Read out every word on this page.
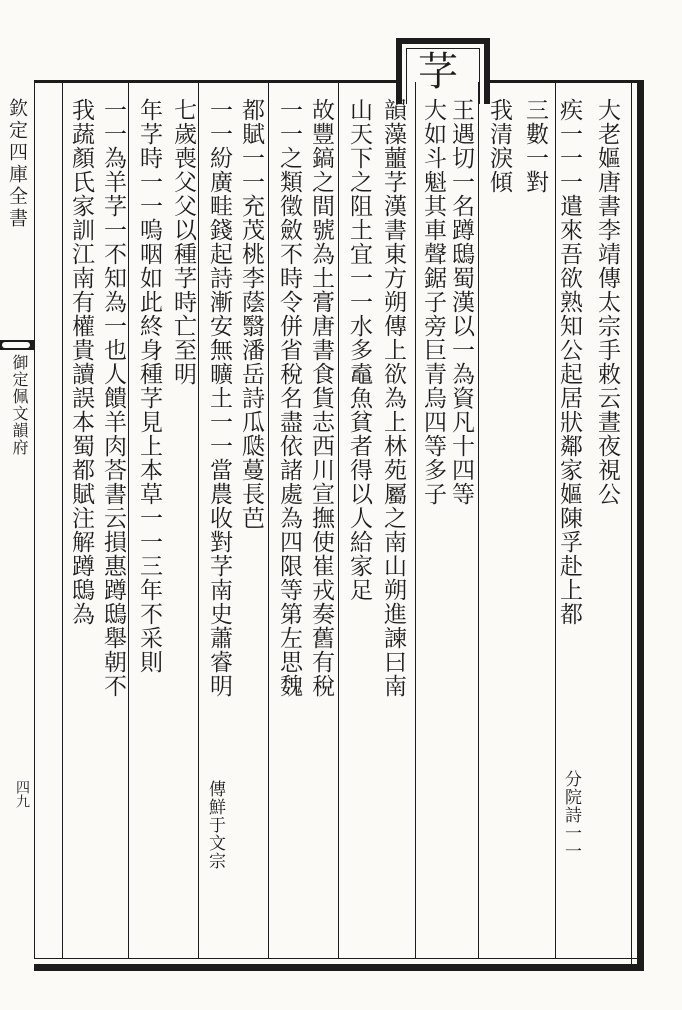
芓
大老嫗唐書李靖傳太宗手敕云晝夜視公
疾一一一遣來吾欲熟知公起居狀鄰家嫗陳孚赴上都
分院詩一一
三數一對
我清淚傾
王遇切一名蹲鴟蜀漢以一為資凡十四等
大如斗魁其車聲鋸子旁巨青烏四等多子
韻藻蘁芓漢書東方朔傳上欲為上林苑屬之南山朔進諫曰南
山天下之阻土宜一一水多鼁魚貧者得以人給家足
故豐鎬之間號為土膏唐書食貨志西川宣撫使崔戎奏舊有稅
一一之類徵斂不時令併省稅名盡依諸處為四限等第左思魏
都賦一一充茂桃李蔭翳潘岳詩瓜瓞蔓長芭
一一紛廣畦錢起詩漸安無曠土一一當農收對芓南史蕭睿明
七歲喪父父以種芓時亡至明
年芓時一一嗚咽如此終身種芓見上本草一一三年不采則
一一為羊芓一不知為一也人饋羊肉荅書云損惠蹲鴟舉朝不
我蔬顏氏家訓江南有權貴讀誤本蜀都賦注解蹲鴟為
欽定四庫全書
御定佩文韻府
四九	傳鮮于文宗
